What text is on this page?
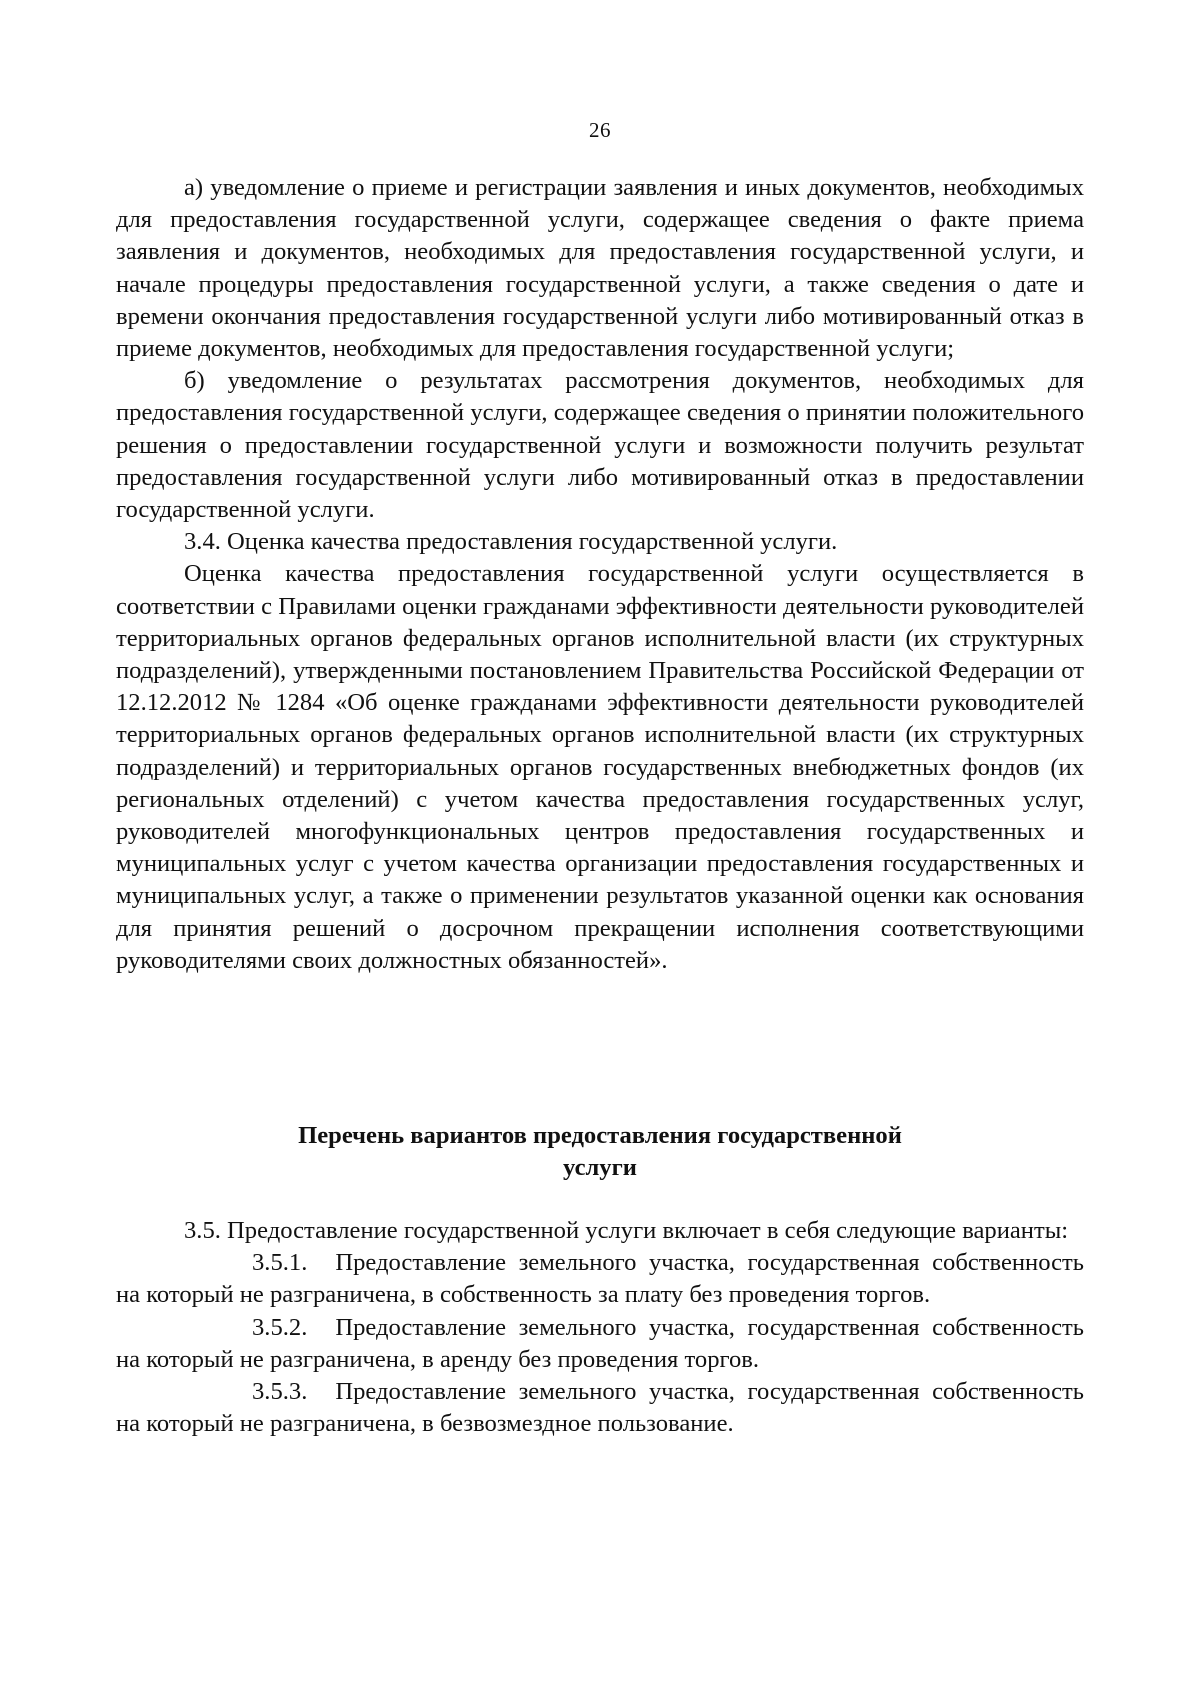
26

а) уведомление о приеме и регистрации заявления и иных документов, необходимых для предоставления государственной услуги, содержащее сведения о факте приема заявления и документов, необходимых для предоставления государственной услуги, и начале процедуры предоставления государственной услуги, а также сведения о дате и времени окончания предоставления государственной услуги либо мотивированный отказ в приеме документов, необходимых для предоставления государственной услуги;

б) уведомление о результатах рассмотрения документов, необходимых для предоставления государственной услуги, содержащее сведения о принятии положительного решения о предоставлении государственной услуги и возможности получить результат предоставления государственной услуги либо мотивированный отказ в предоставлении государственной услуги.

3.4. Оценка качества предоставления государственной услуги.

Оценка качества предоставления государственной услуги осуществляется в соответствии с Правилами оценки гражданами эффективности деятельности руководителей территориальных органов федеральных органов исполнительной власти (их структурных подразделений), утвержденными постановлением Правительства Российской Федерации от 12.12.2012 № 1284 «Об оценке гражданами эффективности деятельности руководителей территориальных органов федеральных органов исполнительной власти (их структурных подразделений) и территориальных органов государственных внебюджетных фондов (их региональных отделений) с учетом качества предоставления государственных услуг, руководителей многофункциональных центров предоставления государственных и муниципальных услуг с учетом качества организации предоставления государственных и муниципальных услуг, а также о применении результатов указанной оценки как основания для принятия решений о досрочном прекращении исполнения соответствующими руководителями своих должностных обязанностей».

Перечень вариантов предоставления государственной
услуги

3.5. Предоставление государственной услуги включает в себя следующие варианты:

3.5.1. Предоставление земельного участка, государственная собственность на который не разграничена, в собственность за плату без проведения торгов.

3.5.2. Предоставление земельного участка, государственная собственность на который не разграничена, в аренду без проведения торгов.

3.5.3. Предоставление земельного участка, государственная собственность на который не разграничена, в безвозмездное пользование.
